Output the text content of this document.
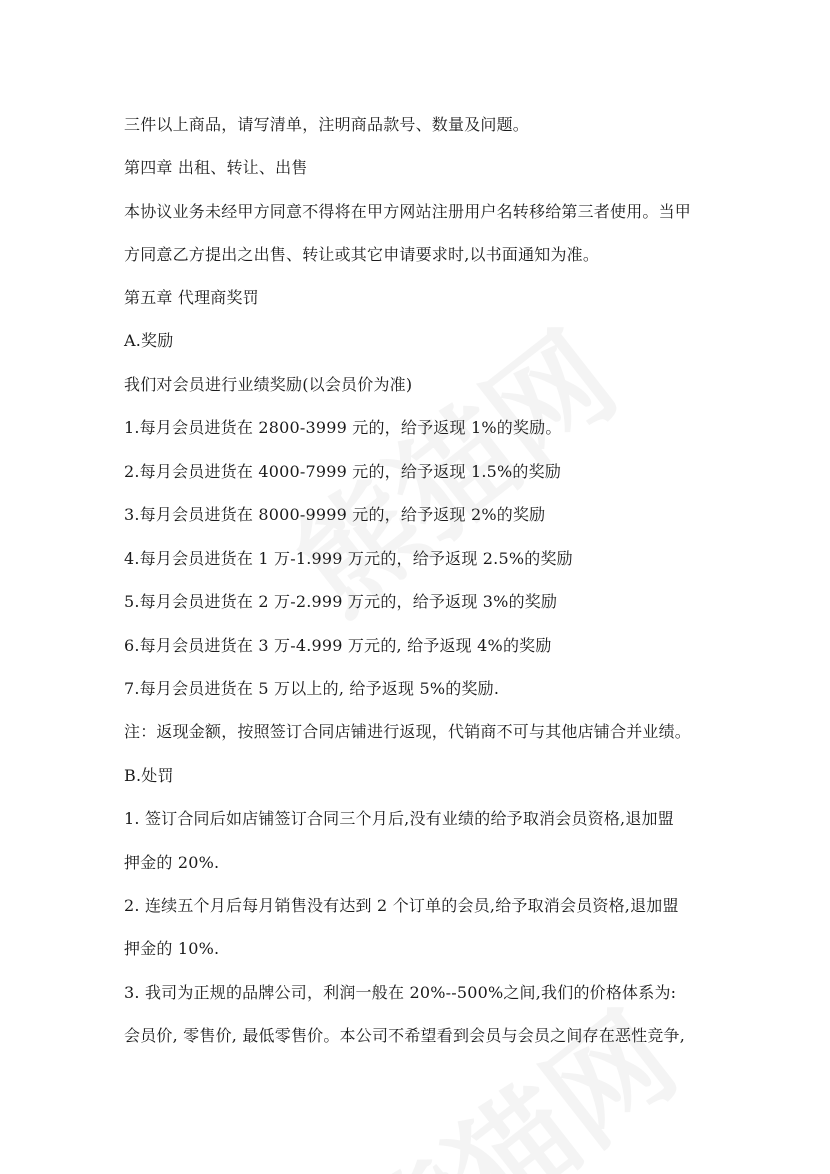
三件以上商品，请写清单，注明商品款号、数量及问题。

第四章 出租、转让、出售

本协议业务未经甲方同意不得将在甲方网站注册用户名转移给第三者使用。当甲

方同意乙方提出之出售、转让或其它申请要求时,以书面通知为准。

第五章 代理商奖罚

A.奖励

我们对会员进行业绩奖励(以会员价为准)

1.每月会员进货在 2800-3999 元的，给予返现 1%的奖励。

2.每月会员进货在 4000-7999 元的，给予返现 1.5%的奖励

3.每月会员进货在 8000-9999 元的，给予返现 2%的奖励

4.每月会员进货在 1 万-1.999 万元的，给予返现 2.5%的奖励

5.每月会员进货在 2 万-2.999 万元的，给予返现 3%的奖励

6.每月会员进货在 3 万-4.999 万元的, 给予返现 4%的奖励

7.每月会员进货在 5 万以上的, 给予返现 5%的奖励.

注：返现金额，按照签订合同店铺进行返现，代销商不可与其他店铺合并业绩。

B.处罚

1. 签订合同后如店铺签订合同三个月后,没有业绩的给予取消会员资格,退加盟

押金的 20%.

2. 连续五个月后每月销售没有达到 2 个订单的会员,给予取消会员资格,退加盟

押金的 10%.

3. 我司为正规的品牌公司，利润一般在 20%--500%之间,我们的价格体系为:

会员价, 零售价, 最低零售价。本公司不希望看到会员与会员之间存在恶性竞争,
